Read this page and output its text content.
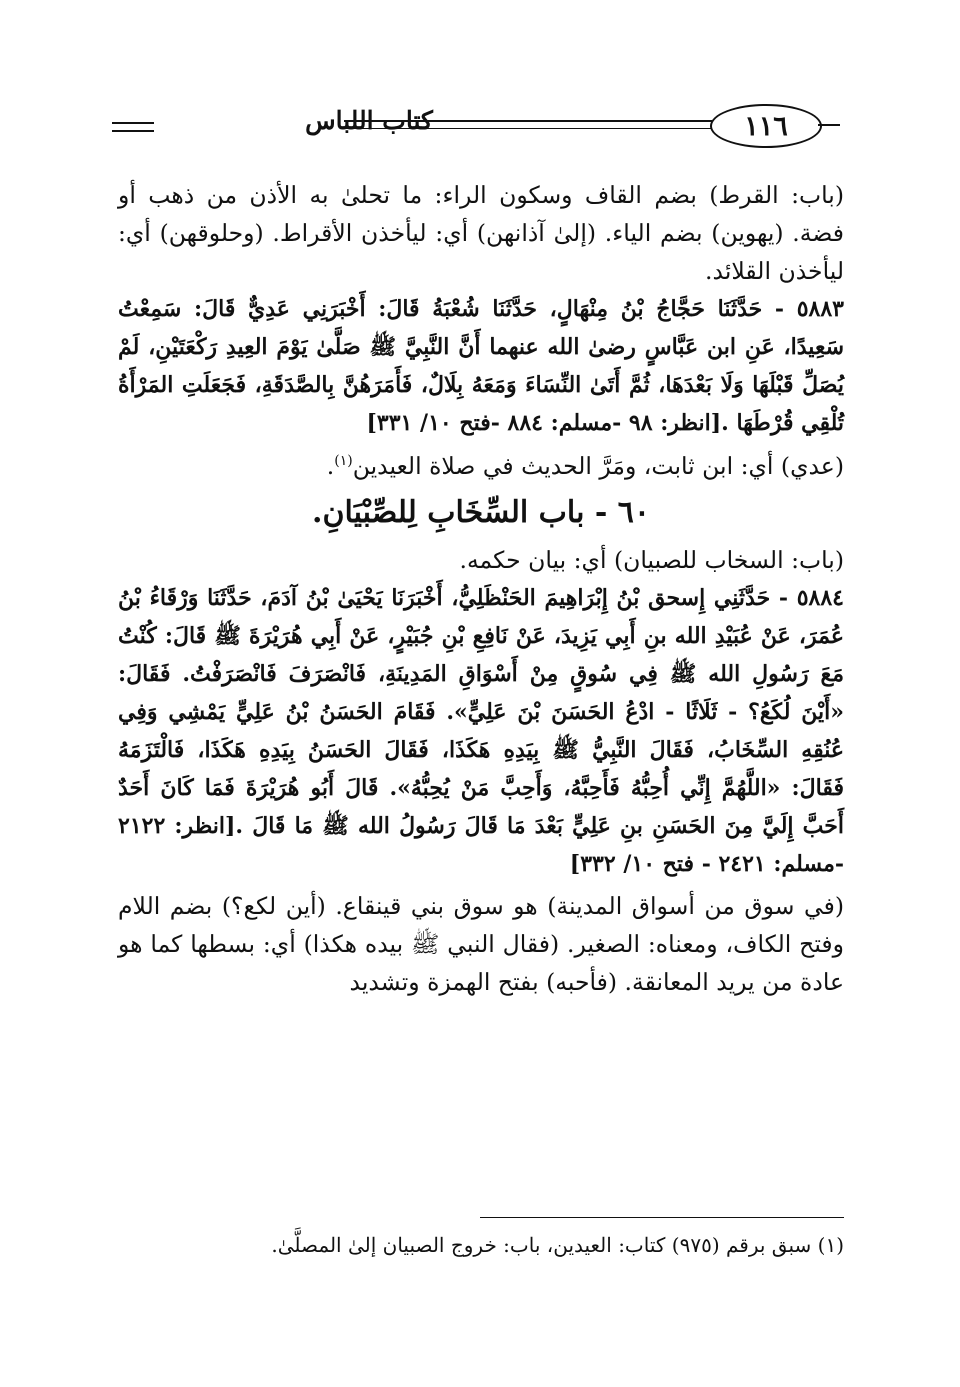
كتاب اللباس	١١٦

(باب: القرط) بضم القاف وسكون الراء: ما تحلىٰ به الأذن من ذهب أو فضة. (يهوين) بضم الياء. (إلىٰ آذانهن) أي: ليأخذن الأقراط. (وحلوقهن) أي: ليأخذن القلائد.

٥٨٨٣ - حَدَّثَنَا حَجَّاجُ بْنُ مِنْهَالٍ، حَدَّثَنَا شُعْبَةُ قَالَ: أَخْبَرَنِي عَدِيٌّ قَالَ: سَمِعْتُ سَعِيدًا، عَنِ ابن عَبَّاسٍ رضىٰ الله عنهما أَنَّ النَّبِيَّ ﷺ صَلَّىٰ يَوْمَ العِيدِ رَكْعَتَيْنِ، لَمْ يُصَلِّ قَبْلَهَا وَلَا بَعْدَهَا، ثُمَّ أَتَىٰ النِّسَاءَ وَمَعَهُ بِلَالٌ، فَأَمَرَهُنَّ بِالصَّدَقَةِ، فَجَعَلَتِ المَرْأَةُ تُلْقِي قُرْطَهَا .[انظر: ٩٨ -مسلم: ٨٨٤ -فتح ١٠/ ٣٣١]

(عدي) أي: ابن ثابت، ومَرَّ الحديث في صلاة العيدين$^{(١)}$.

٦٠ - باب السِّخَابِ لِلصِّبْيَانِ.

(باب: السخاب للصبيان) أي: بيان حكمه.

٥٨٨٤ - حَدَّثَنِي إِسحق بْنُ إِبْرَاهِيمَ الحَنْظَلِيُّ، أَخْبَرَنَا يَحْيَىٰ بْنُ آدَمَ، حَدَّثَنَا وَرْقَاءُ بْنُ عُمَرَ، عَنْ عُبَيْدِ الله بنِ أَبِي يَزِيدَ، عَنْ نَافِعِ بْنِ جُبَيْرٍ، عَنْ أَبِي هُرَيْرَةَ ﷺ قَالَ: كُنْتُ مَعَ رَسُولِ الله ﷺ فِي سُوقٍ مِنْ أَسْوَاقِ المَدِينَةِ، فَانْصَرَفَ فَانْصَرَفْتُ. فَقَالَ: «أَيْنَ لُكَعُ؟ - ثَلَاثًا - ادْعُ الحَسَنَ بْنَ عَلِيٍّ». فَقَامَ الحَسَنُ بْنُ عَلِيٍّ يَمْشِي وَفِي عُنُقِهِ السِّخَابُ، فَقَالَ النَّبِيُّ ﷺ بِيَدِهِ هَكَذَا، فَقَالَ الحَسَنُ بِيَدِهِ هَكَذَا، فَالْتَزَمَهُ فَقَالَ: «اللَّهُمَّ إِنِّي أُحِبُّهُ فَأَحِبَّهُ، وَأَحِبَّ مَنْ يُحِبُّهُ». قَالَ أَبُو هُرَيْرَةَ فَمَا كَانَ أَحَدٌ أَحَبَّ إِلَيَّ مِنَ الحَسَنِ بنِ عَلِيٍّ بَعْدَ مَا قَالَ رَسُولُ الله ﷺ مَا قَالَ .[انظر: ٢١٢٢ -مسلم: ٢٤٢١ - فتح ١٠/ ٣٣٢]

(في سوق من أسواق المدينة) هو سوق بني قينقاع. (أين لكع؟) بضم اللام وفتح الكاف، ومعناه: الصغير. (فقال النبي ﷺ بيده هكذا) أي: بسطها كما هو عادة من يريد المعانقة. (فأحبه) بفتح الهمزة وتشديد

(١) سبق برقم (٩٧٥) كتاب: العيدين، باب: خروج الصبيان إلىٰ المصلَّىٰ.
